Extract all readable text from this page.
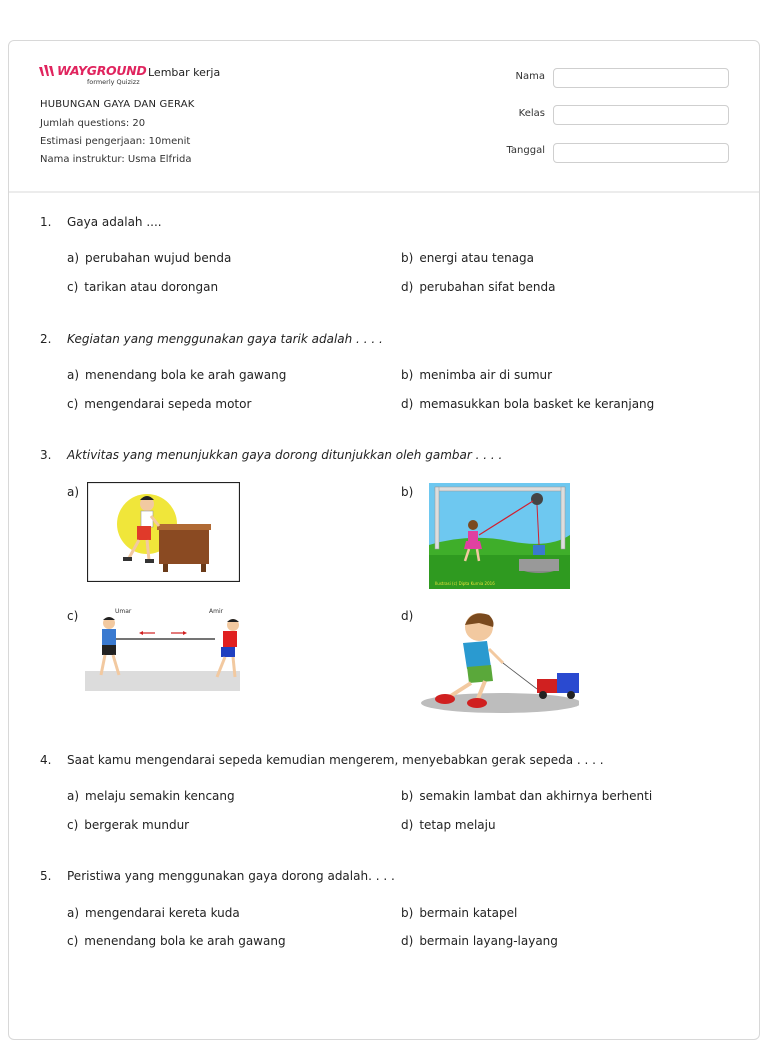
WAYGROUND
formerly Quizizz
Lembar kerja
HUBUNGAN GAYA DAN GERAK
Jumlah questions: 20
Estimasi pengerjaan: 10menit
Nama instruktur: Usma Elfrida
Nama
Kelas
Tanggal
1. Gaya adalah ....
a) perubahan wujud benda	b) energi atau tenaga
c) tarikan atau dorongan	d) perubahan sifat benda
2. Kegiatan yang menggunakan gaya tarik adalah . . . .
a) menendang bola ke arah gawang	b) menimba air di sumur
c) mengendarai sepeda motor	d) memasukkan bola basket ke keranjang
3. Aktivitas yang menunjukkan gaya dorong ditunjukkan oleh gambar . . . .
a)	b)
Ilustrasi (c) Dipta Kurnia 2016
c)	Umar	Amir	d)
4. Saat kamu mengendarai sepeda kemudian mengerem, menyebabkan gerak sepeda . . . .
a) melaju semakin kencang	b) semakin lambat dan akhirnya berhenti
c) bergerak mundur	d) tetap melaju
5. Peristiwa yang menggunakan gaya dorong adalah. . . .
a) mengendarai kereta kuda	b) bermain katapel
c) menendang bola ke arah gawang	d) bermain layang-layang
